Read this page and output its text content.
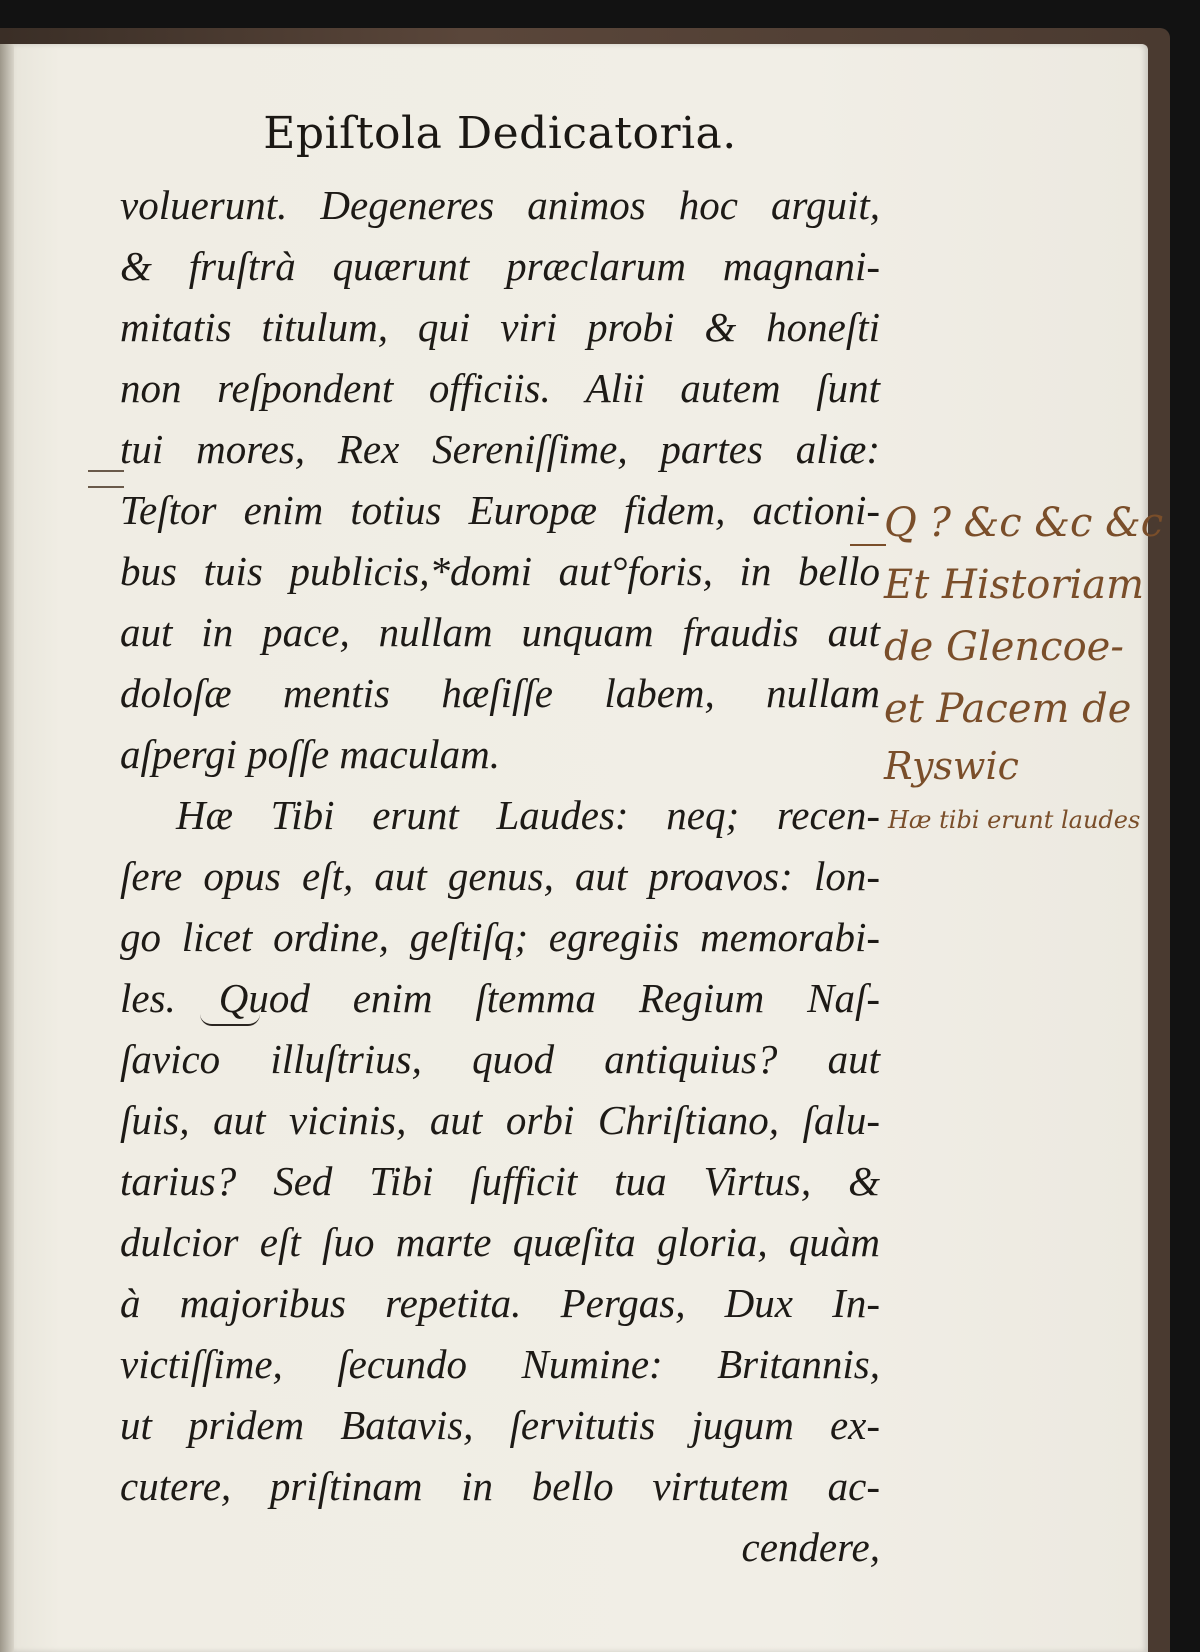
Epiſtola Dedicatoria.
voluerunt. Degeneres animos hoc arguit,
& fruſtrà quærunt præclarum magnani-
mitatis titulum, qui viri probi & honeſti
non reſpondent officiis. Alii autem ſunt
tui mores, Rex Sereniſſime, partes aliæ:
Teſtor enim totius Europæ fidem, actioni-
bus tuis publicis,*domi aut°foris, in bello
aut in pace, nullam unquam fraudis aut
doloſæ mentis hæſiſſe labem, nullam
aſpergi poſſe maculam.
Hæ Tibi erunt Laudes: neq; recen-
ſere opus eſt, aut genus, aut proavos: lon-
go licet ordine, geſtiſq; egregiis memorabi-
les. Quod enim ſtemma Regium Naſ-
ſavico illuſtrius, quod antiquius? aut
ſuis, aut vicinis, aut orbi Chriſtiano, ſalu-
tarius? Sed Tibi ſufficit tua Virtus, &
dulcior eſt ſuo marte quæſita gloria, quàm
à majoribus repetita. Pergas, Dux In-
victiſſime, ſecundo Numine: Britannis,
ut pridem Batavis, ſervitutis jugum ex-
cutere, priſtinam in bello virtutem ac-
cendere,
Q ? &c &c &c
Et Historiam
de Glencoe-
et Pacem de
Ryswic
Hæ tibi erunt laudes
